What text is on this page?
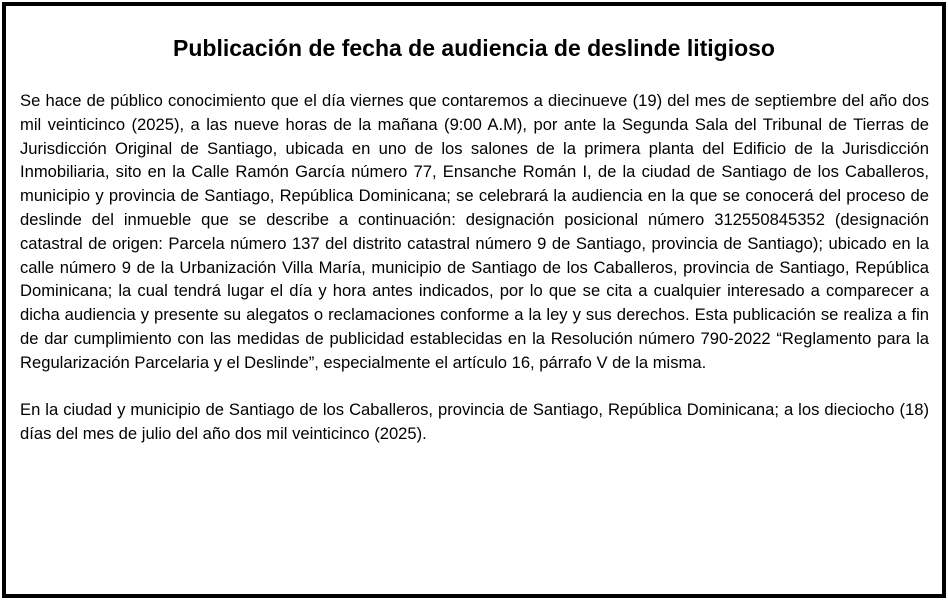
Publicación de fecha de audiencia de deslinde litigioso

Se hace de público conocimiento que el día viernes que contaremos a diecinueve (19) del mes de septiembre del año dos mil veinticinco (2025), a las nueve horas de la mañana (9:00 A.M), por ante la Segunda Sala del Tribunal de Tierras de Jurisdicción Original de Santiago, ubicada en uno de los salones de la primera planta del Edificio de la Jurisdicción Inmobiliaria, sito en la Calle Ramón García número 77, Ensanche Román I, de la ciudad de Santiago de los Caballeros, municipio y provincia de Santiago, República Dominicana; se celebrará la audiencia en la que se conocerá del proceso de deslinde del inmueble que se describe a continuación: designación posicional número 312550845352 (designación catastral de origen: Parcela número 137 del distrito catastral número 9 de Santiago, provincia de Santiago); ubicado en la calle número 9 de la Urbanización Villa María, municipio de Santiago de los Caballeros, provincia de Santiago, República Dominicana; la cual tendrá lugar el día y hora antes indicados, por lo que se cita a cualquier interesado a comparecer a dicha audiencia y presente su alegatos o reclamaciones conforme a la ley y sus derechos. Esta publicación se realiza a fin de dar cumplimiento con las medidas de publicidad establecidas en la Resolución número 790-2022 “Reglamento para la Regularización Parcelaria y el Deslinde”, especialmente el artículo 16, párrafo V de la misma.

En la ciudad y municipio de Santiago de los Caballeros, provincia de Santiago, República Dominicana; a los dieciocho (18) días del mes de julio del año dos mil veinticinco (2025).
